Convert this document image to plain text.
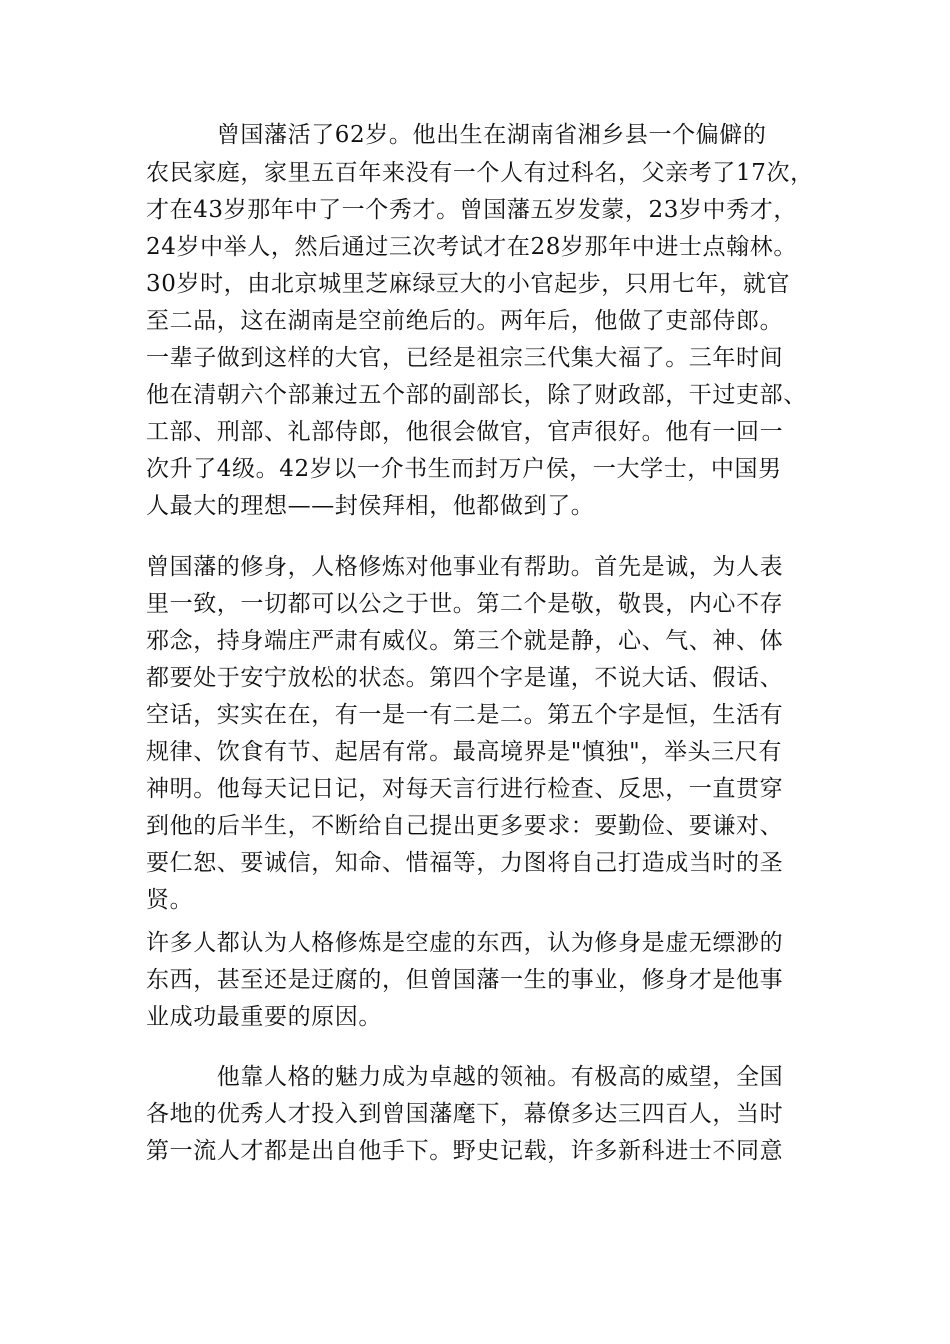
　　　曾国藩活了62岁。他出生在湖南省湘乡县一个偏僻的
农民家庭，家里五百年来没有一个人有过科名，父亲考了17次，
才在43岁那年中了一个秀才。曾国藩五岁发蒙，23岁中秀才，
24岁中举人，然后通过三次考试才在28岁那年中进士点翰林。
30岁时，由北京城里芝麻绿豆大的小官起步，只用七年，就官
至二品，这在湖南是空前绝后的。两年后，他做了吏部侍郎。
一辈子做到这样的大官，已经是祖宗三代集大福了。三年时间
他在清朝六个部兼过五个部的副部长，除了财政部，干过吏部、
工部、刑部、礼部侍郎，他很会做官，官声很好。他有一回一
次升了4级。42岁以一介书生而封万户侯，一大学士，中国男
人最大的理想——封侯拜相，他都做到了。
曾国藩的修身，人格修炼对他事业有帮助。首先是诚，为人表
里一致，一切都可以公之于世。第二个是敬，敬畏，内心不存
邪念，持身端庄严肃有威仪。第三个就是静，心、气、神、体
都要处于安宁放松的状态。第四个字是谨，不说大话、假话、
空话，实实在在，有一是一有二是二。第五个字是恒，生活有
规律、饮食有节、起居有常。最高境界是"慎独"，举头三尺有
神明。他每天记日记，对每天言行进行检查、反思，一直贯穿
到他的后半生，不断给自己提出更多要求：要勤俭、要谦对、
要仁恕、要诚信，知命、惜福等，力图将自己打造成当时的圣
贤。
许多人都认为人格修炼是空虚的东西，认为修身是虚无缥渺的
东西，甚至还是迂腐的，但曾国藩一生的事业，修身才是他事
业成功最重要的原因。
　　　他靠人格的魅力成为卓越的领袖。有极高的威望，全国
各地的优秀人才投入到曾国藩麾下，幕僚多达三四百人，当时
第一流人才都是出自他手下。野史记载，许多新科进士不同意
